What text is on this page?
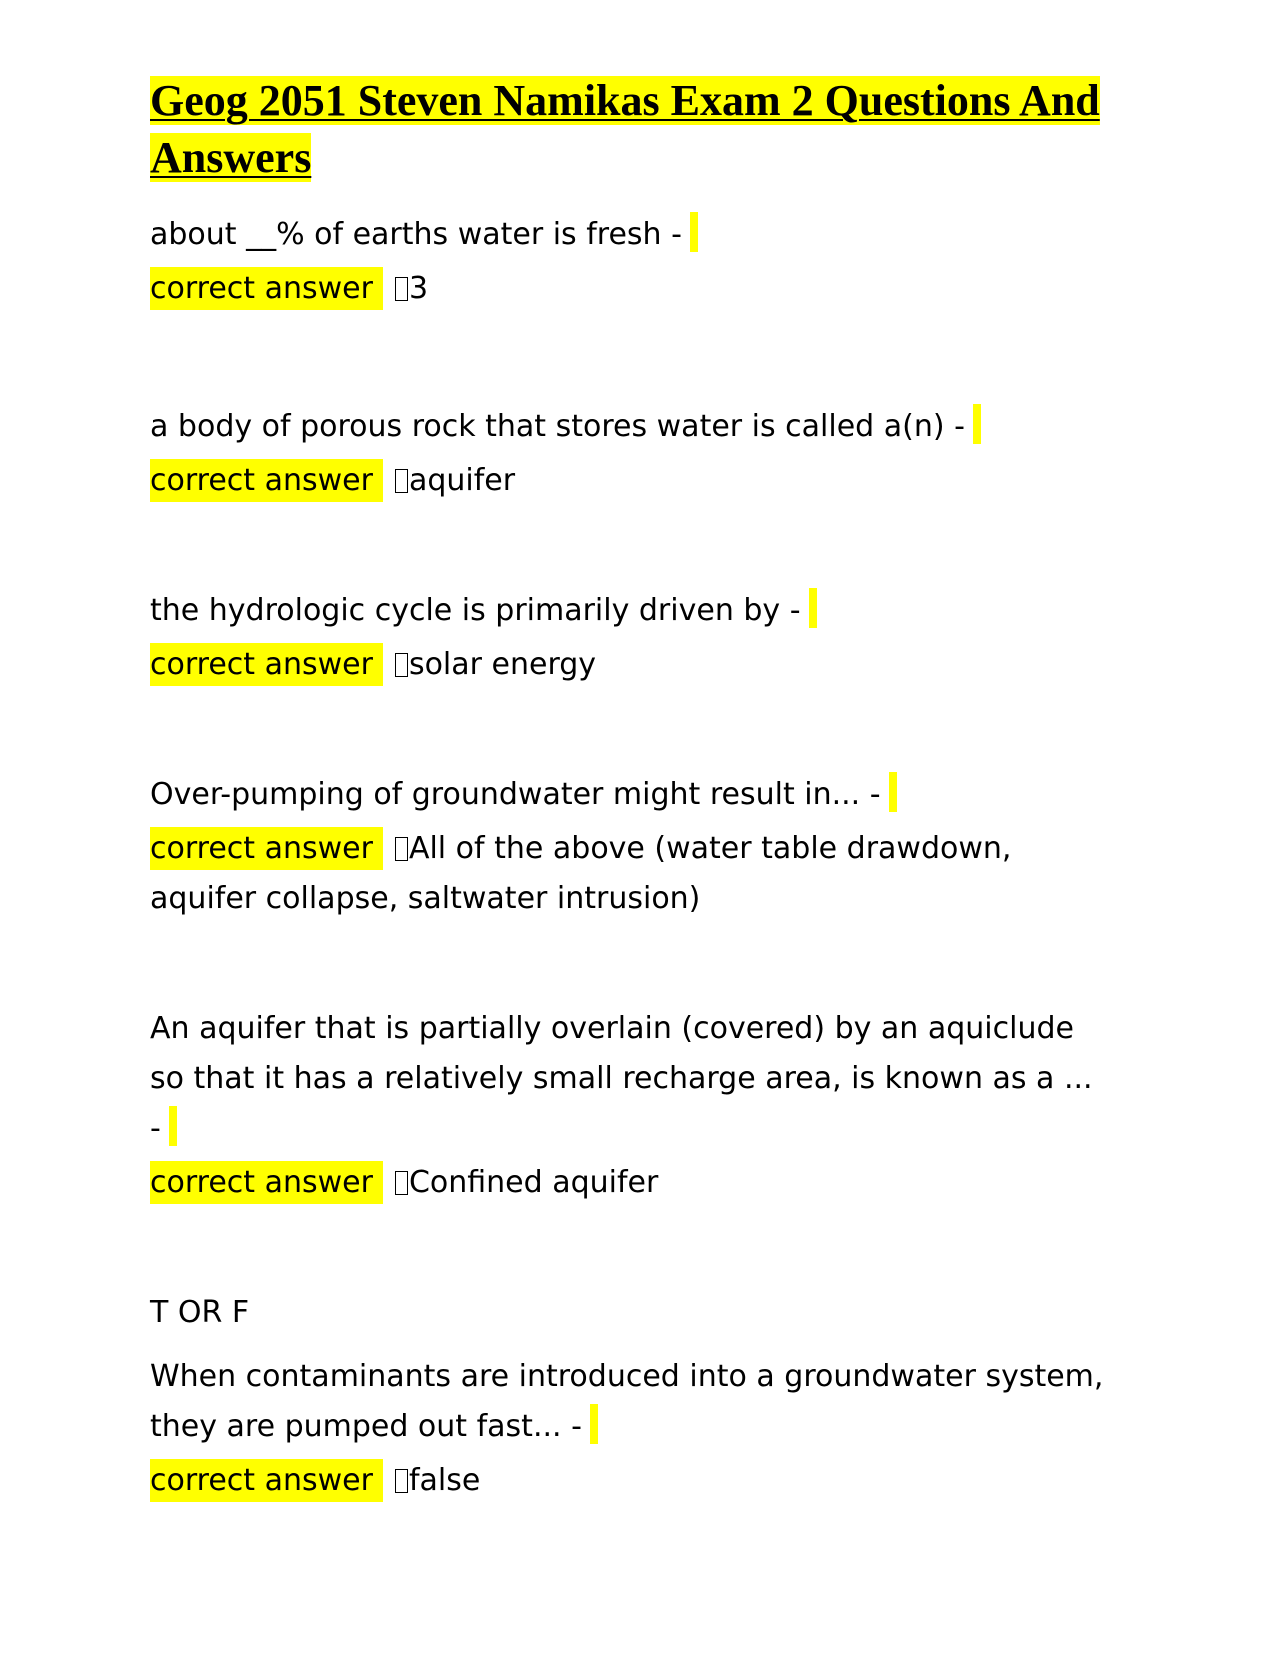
Geog 2051 Steven Namikas Exam 2 Questions And Answers

about __% of earths water is fresh -

correct answer 3

a body of porous rock that stores water is called a(n) -

correct answer aquifer

the hydrologic cycle is primarily driven by -

correct answer solar energy

Over-pumping of groundwater might result in... -

correct answer All of the above (water table drawdown, aquifer collapse, saltwater intrusion)

An aquifer that is partially overlain (covered) by an aquiclude so that it has a relatively small recharge area, is known as a ... -

correct answer Confined aquifer

T OR F

When contaminants are introduced into a groundwater system, they are pumped out fast... -

correct answer false
